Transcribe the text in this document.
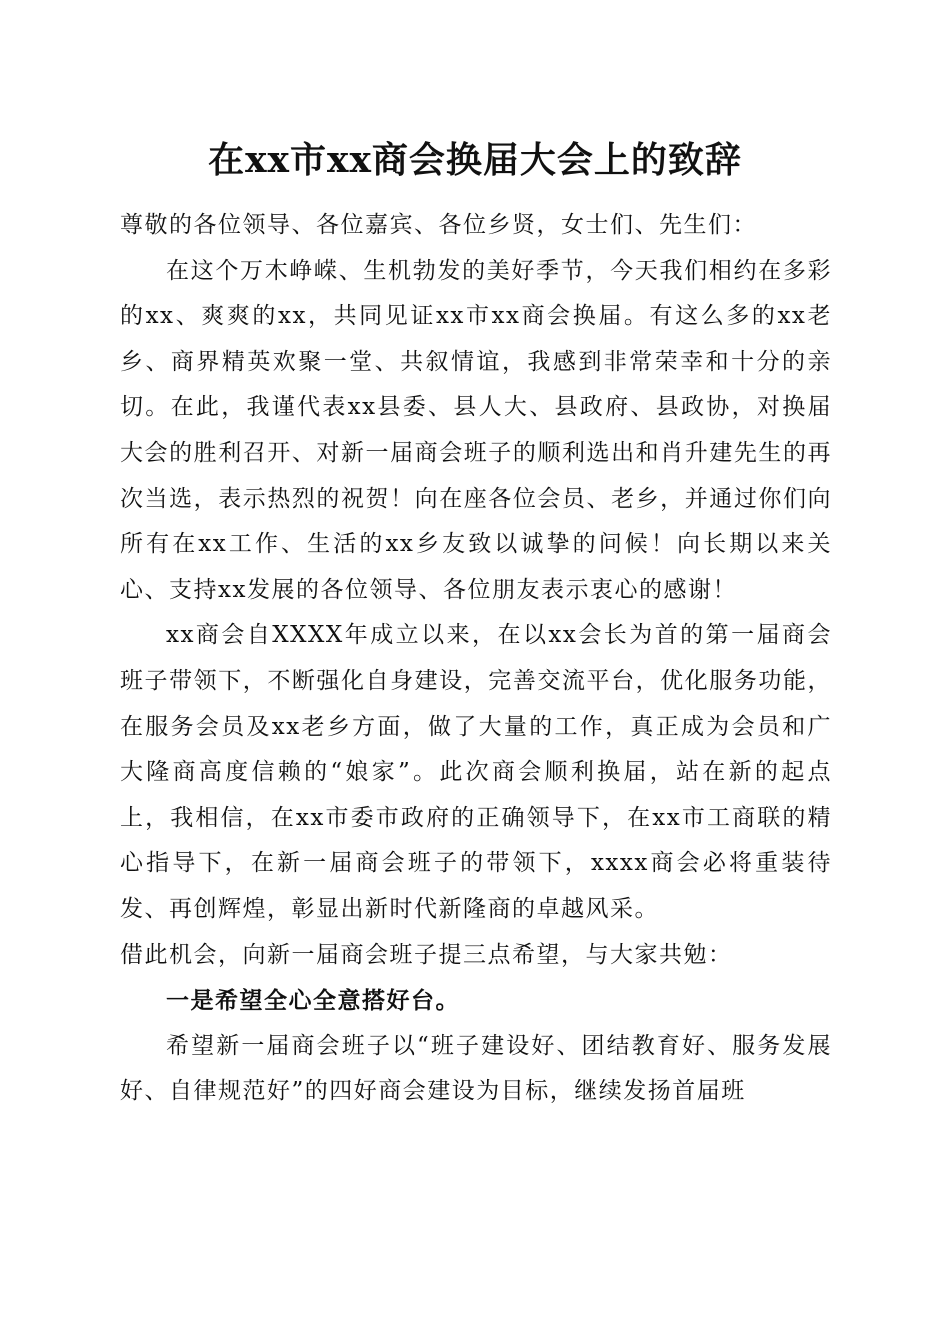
在xx市xx商会换届大会上的致辞

尊敬的各位领导、各位嘉宾、各位乡贤，女士们、先生们：

在这个万木峥嵘、生机勃发的美好季节，今天我们相约在多彩的xx、爽爽的xx，共同见证xx市xx商会换届。有这么多的xx老乡、商界精英欢聚一堂、共叙情谊，我感到非常荣幸和十分的亲切。在此，我谨代表xx县委、县人大、县政府、县政协，对换届大会的胜利召开、对新一届商会班子的顺利选出和肖升建先生的再次当选，表示热烈的祝贺！向在座各位会员、老乡，并通过你们向所有在xx工作、生活的xx乡友致以诚挚的问候！向长期以来关心、支持xx发展的各位领导、各位朋友表示衷心的感谢！

xx商会自XXXX年成立以来，在以xx会长为首的第一届商会班子带领下，不断强化自身建设，完善交流平台，优化服务功能，在服务会员及xx老乡方面，做了大量的工作，真正成为会员和广大隆商高度信赖的“娘家”。此次商会顺利换届，站在新的起点上，我相信，在xx市委市政府的正确领导下，在xx市工商联的精心指导下，在新一届商会班子的带领下，xxxx商会必将重装待发、再创辉煌，彰显出新时代新隆商的卓越风采。

借此机会，向新一届商会班子提三点希望，与大家共勉：

一是希望全心全意搭好台。

希望新一届商会班子以“班子建设好、团结教育好、服务发展好、自律规范好”的四好商会建设为目标，继续发扬首届班
